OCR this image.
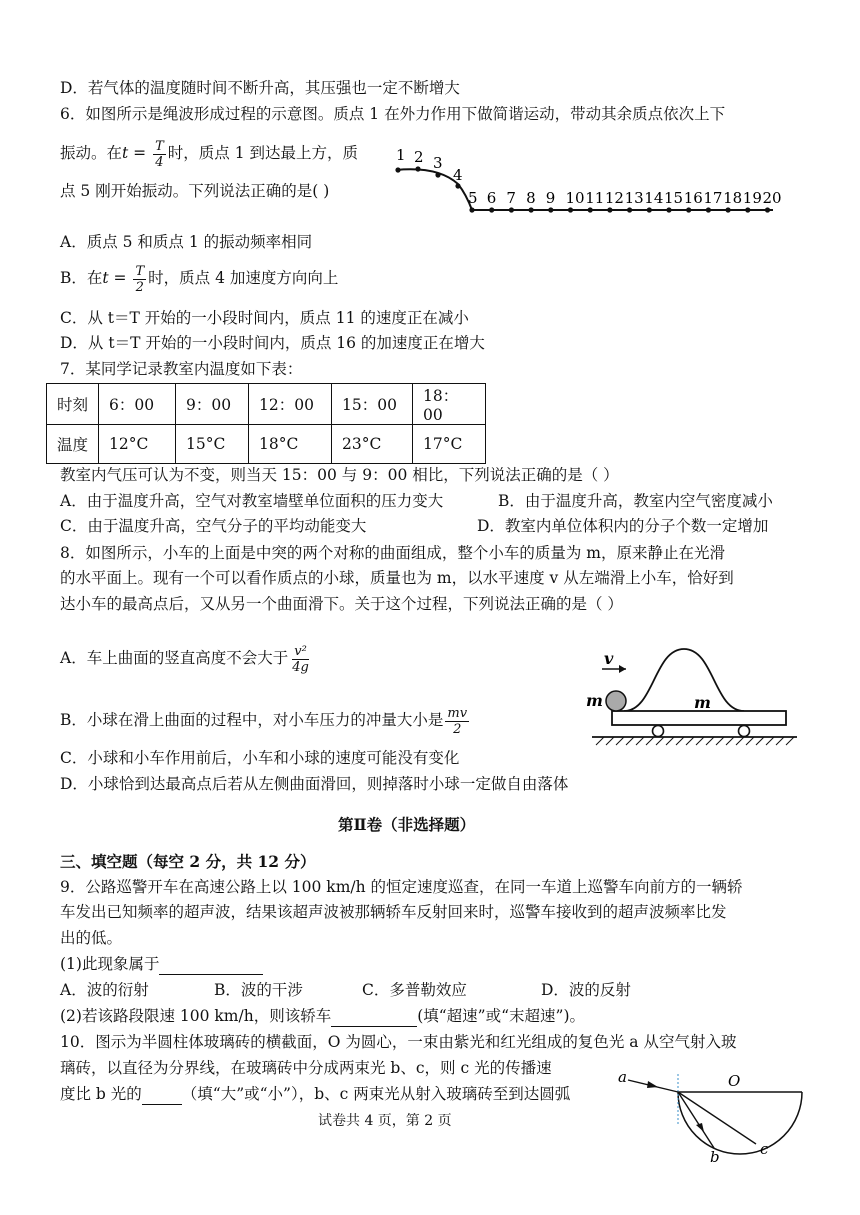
D．若气体的温度随时间不断升高，其压强也一定不断增大
6．如图所示是绳波形成过程的示意图。质点 1 在外力作用下做简谐运动，带动其余质点依次上下
振动。在$t = \frac{T}{4}$ 时，质点 1 到达最上方，质
点 5 刚开始振动。下列说法正确的是( )
1 2 3
4
5 6 7 8 9 10 11 12 13 14 15 16 17 18 19 20
A．质点 5 和质点 1 的振动频率相同
B．在$t = \frac{T}{2}$ 时，质点 4 加速度方向向上
C．从 t＝T 开始的一小段时间内，质点 11 的速度正在减小
D．从 t＝T 开始的一小段时间内，质点 16 的加速度正在增大
7．某同学记录教室内温度如下表：
时刻	6：00	9：00	12：00	15：00	18：00
温度	12°C	15°C	18°C	23°C	17°C
教室内气压可认为不变，则当天 15：00 与 9：00 相比，下列说法正确的是（ ）
A．由于温度升高，空气对教室墙壁单位面积的压力变大	B．由于温度升高，教室内空气密度减小
C．由于温度升高，空气分子的平均动能变大	D．教室内单位体积内的分子个数一定增加
8．如图所示，小车的上面是中突的两个对称的曲面组成，整个小车的质量为 m，原来静止在光滑
的水平面上。现有一个可以看作质点的小球，质量也为 m，以水平速度 v 从左端滑上小车，恰好到
达小车的最高点后，又从另一个曲面滑下。关于这个过程，下列说法正确的是（ ）
A．车上曲面的竖直高度不会大于 $\frac{\text{v²}}{4g}$
B．小球在滑上曲面的过程中，对小车压力的冲量大小是 $\frac{mv}{2}$
C．小球和小车作用前后，小车和小球的速度可能没有变化
D．小球恰到达最高点后若从左侧曲面滑回，则掉落时小球一定做自由落体
v
m	m
第Ⅱ卷（非选择题）
三、填空题（每空 2 分，共 12 分）
9．公路巡警开车在高速公路上以 100 km/h 的恒定速度巡查，在同一车道上巡警车向前方的一辆轿
车发出已知频率的超声波，结果该超声波被那辆轿车反射回来时，巡警车接收到的超声波频率比发
出的低。
(1)此现象属于
A．波的衍射	B．波的干涉	C．多普勒效应	D．波的反射
(2)若该路段限速 100 km/h，则该轿车	(填“超速”或“末超速”)。
10．图示为半圆柱体玻璃砖的横截面，O 为圆心，一束由紫光和红光组成的复色光 a 从空气射入玻
璃砖，以直径为分界线，在玻璃砖中分成两束光 b、c，则 c 光的传播速
度比 b 光的	（填“大”或“小”），b、c 两束光从射入玻璃砖至到达圆弧
a	O
b	c
试卷共 4 页，第 2 页
